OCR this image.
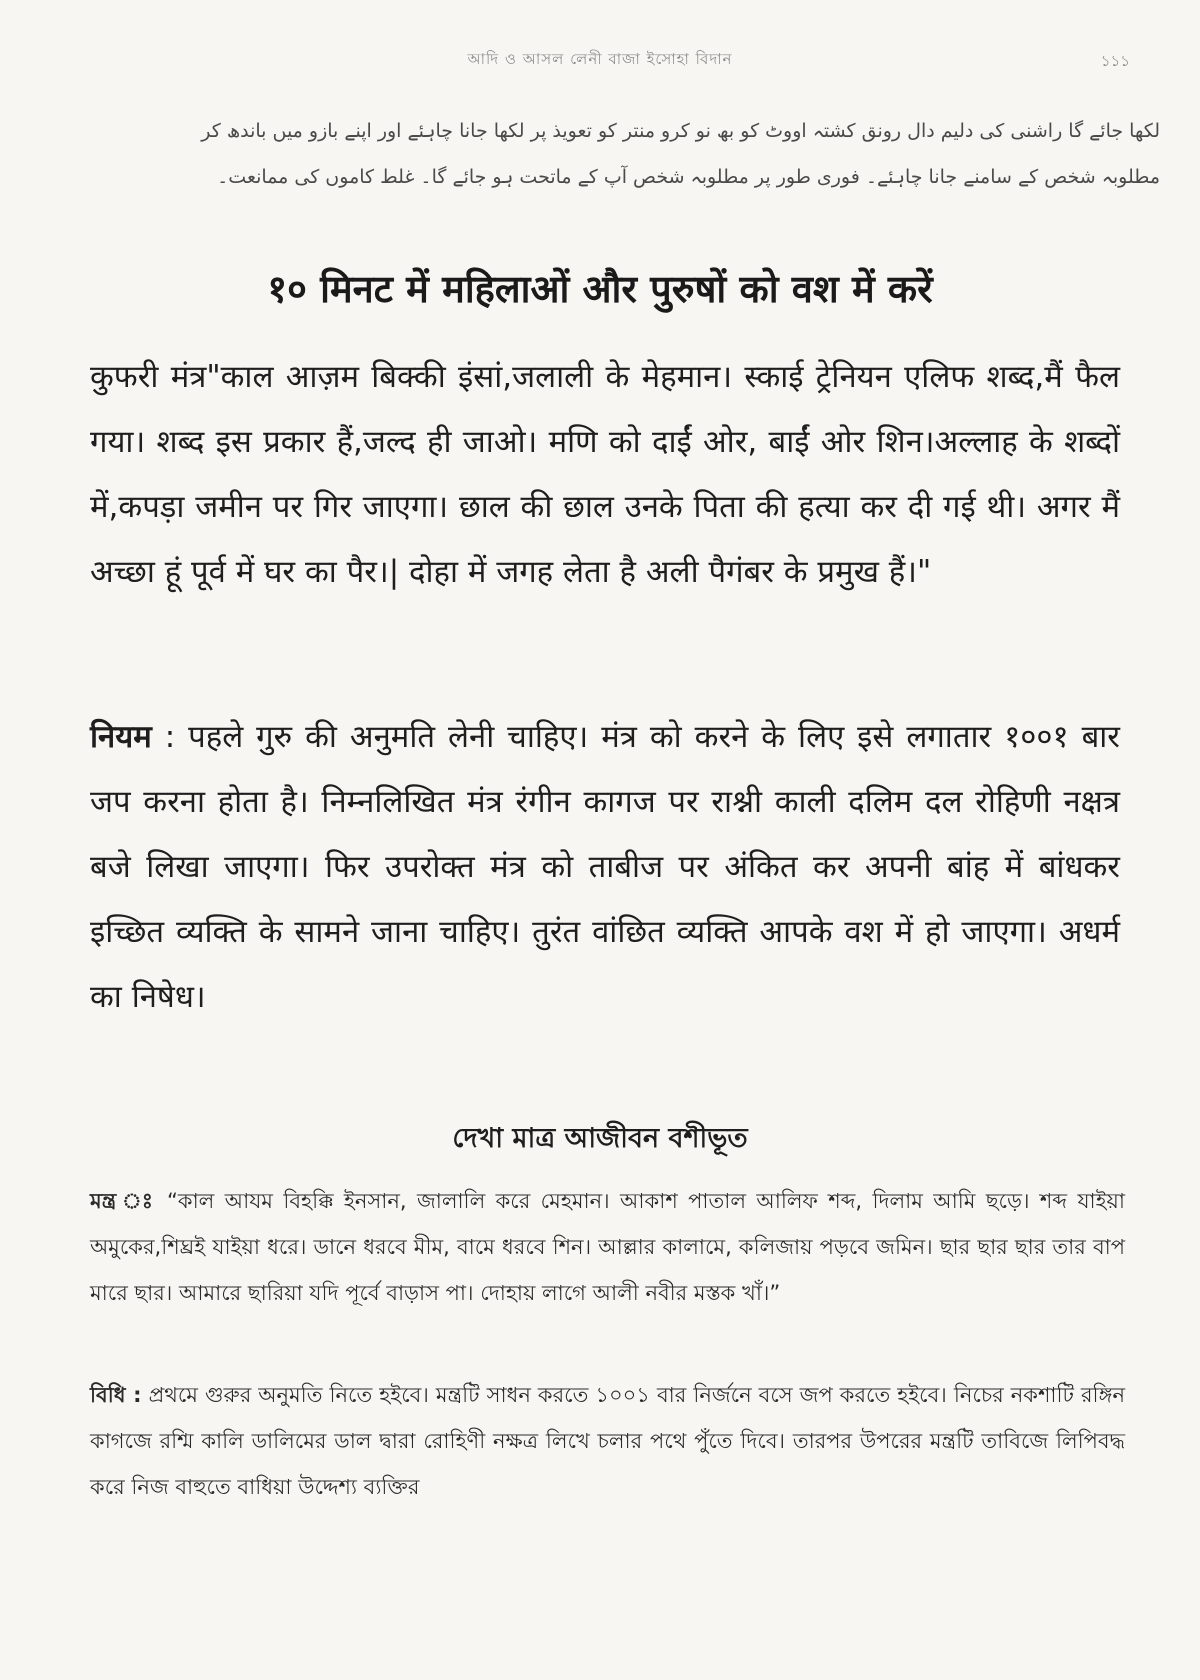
আদি ও আসল লেনী বাজা ইসোহা বিদান	১১১

لکھا جائے گا راشنی کی دلیم دال رونق کشتہ اووٹ کو بھ نو کرو منتر کو تعویذ پر لکھا جانا چاہئے اور اپنے بازو میں باندھ کر

مطلوبہ شخص کے سامنے جانا چاہئے۔ فوری طور پر مطلوبہ شخص آپ کے ماتحت ہو جائے گا۔ غلط کاموں کی ممانعت۔

१० मिनट में महिलाओं और पुरुषों को वश में करें

कुफरी मंत्र"काल आज़म बिक्की इंसां,जलाली के मेहमान। स्काई ट्रेनियन एलिफ शब्द,मैं फैल गया। शब्द इस प्रकार हैं,जल्द ही जाओ। मणि को दाईं ओर, बाईं ओर शिन।अल्लाह के शब्दों में,कपड़ा जमीन पर गिर जाएगा। छाल की छाल उनके पिता की हत्या कर दी गई थी। अगर मैं अच्छा हूं पूर्व में घर का पैर।| दोहा में जगह लेता है अली पैगंबर के प्रमुख हैं।"

नियम : पहले गुरु की अनुमति लेनी चाहिए। मंत्र को करने के लिए इसे लगातार १००१ बार जप करना होता है। निम्नलिखित मंत्र रंगीन कागज पर राश्नी काली दलिम दल रोहिणी नक्षत्र बजे लिखा जाएगा। फिर उपरोक्त मंत्र को ताबीज पर अंकित कर अपनी बांह में बांधकर इच्छित व्यक्ति के सामने जाना चाहिए। तुरंत वांछित व्यक्ति आपके वश में हो जाएगा। अधर्म का निषेध।

দেখা মাত্র আজীবন বশীভূত

মন্ত্র ঃ “কাল আযম বিহক্কি ইনসান, জালালি করে মেহমান। আকাশ পাতাল আলিফ শব্দ, দিলাম আমি ছড়ে। শব্দ যাইয়া অমুকের,শিঘ্রই যাইয়া ধরে। ডানে ধরবে মীম, বামে ধরবে শিন। আল্লার কালামে, কলিজায় পড়বে জমিন। ছার ছার ছার তার বাপ মারে ছার। আমারে ছারিয়া যদি পূর্বে বাড়াস পা। দোহায় লাগে আলী নবীর মস্তক খাঁ।”

বিধি : প্রথমে গুরুর অনুমতি নিতে হইবে। মন্ত্রটি সাধন করতে ১০০১ বার নির্জনে বসে জপ করতে হইবে। নিচের নকশাটি রঙ্গিন কাগজে রশ্মি কালি ডালিমের ডাল দ্বারা রোহিণী নক্ষত্র লিখে চলার পথে পুঁতে দিবে। তারপর উপরের মন্ত্রটি তাবিজে লিপিবদ্ধ করে নিজ বাহুতে বাধিয়া উদ্দেশ্য ব্যক্তির
